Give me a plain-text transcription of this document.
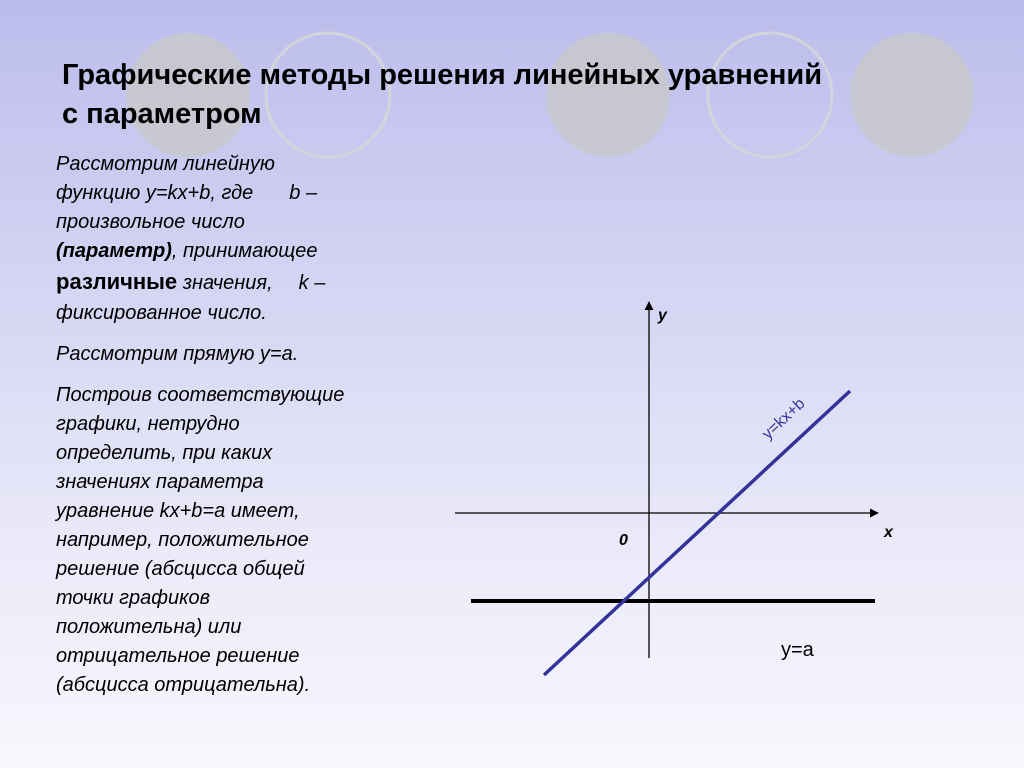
Графические методы решения линейных уравнений
с параметром
Рассмотрим линейную
функцию y=kx+b, где b –
произвольное число
(параметр), принимающее
различные значения, k –
фиксированное число.
Рассмотрим прямую y=a.
Построив соответствующие
графики, нетрудно
определить, при каких
значениях параметра
уравнение kx+b=a имеет,
например, положительное
решение (абсцисса общей
точки графиков
положительна) или
отрицательное решение
(абсцисса отрицательна).
y
x
0
y=kx+b
y=a
